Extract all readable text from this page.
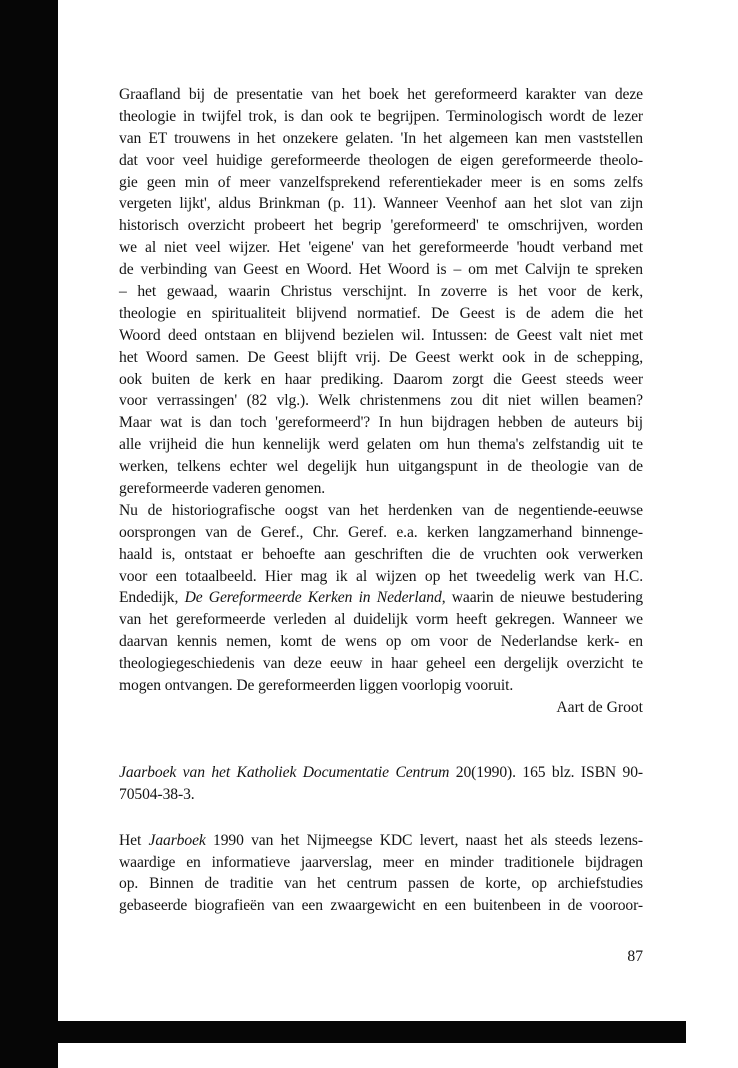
Graafland bij de presentatie van het boek het gereformeerd karakter van deze
theologie in twijfel trok, is dan ook te begrijpen. Terminologisch wordt de lezer
van ET trouwens in het onzekere gelaten. 'In het algemeen kan men vaststellen
dat voor veel huidige gereformeerde theologen de eigen gereformeerde theolo-
gie geen min of meer vanzelfsprekend referentiekader meer is en soms zelfs
vergeten lijkt', aldus Brinkman (p. 11). Wanneer Veenhof aan het slot van zijn
historisch overzicht probeert het begrip 'gereformeerd' te omschrijven, worden
we al niet veel wijzer. Het 'eigene' van het gereformeerde 'houdt verband met
de verbinding van Geest en Woord. Het Woord is – om met Calvijn te spreken
– het gewaad, waarin Christus verschijnt. In zoverre is het voor de kerk,
theologie en spiritualiteit blijvend normatief. De Geest is de adem die het
Woord deed ontstaan en blijvend bezielen wil. Intussen: de Geest valt niet met
het Woord samen. De Geest blijft vrij. De Geest werkt ook in de schepping,
ook buiten de kerk en haar prediking. Daarom zorgt die Geest steeds weer
voor verrassingen' (82 vlg.). Welk christenmens zou dit niet willen beamen?
Maar wat is dan toch 'gereformeerd'? In hun bijdragen hebben de auteurs bij
alle vrijheid die hun kennelijk werd gelaten om hun thema's zelfstandig uit te
werken, telkens echter wel degelijk hun uitgangspunt in de theologie van de
gereformeerde vaderen genomen.
Nu de historiografische oogst van het herdenken van de negentiende-eeuwse
oorsprongen van de Geref., Chr. Geref. e.a. kerken langzamerhand binnenge-
haald is, ontstaat er behoefte aan geschriften die de vruchten ook verwerken
voor een totaalbeeld. Hier mag ik al wijzen op het tweedelig werk van H.C.
Endedijk, De Gereformeerde Kerken in Nederland, waarin de nieuwe bestudering
van het gereformeerde verleden al duidelijk vorm heeft gekregen. Wanneer we
daarvan kennis nemen, komt de wens op om voor de Nederlandse kerk- en
theologiegeschiedenis van deze eeuw in haar geheel een dergelijk overzicht te
mogen ontvangen. De gereformeerden liggen voorlopig vooruit.
Aart de Groot
Jaarboek van het Katholiek Documentatie Centrum 20(1990). 165 blz. ISBN 90-
70504-38-3.
Het Jaarboek 1990 van het Nijmeegse KDC levert, naast het als steeds lezens-
waardige en informatieve jaarverslag, meer en minder traditionele bijdragen
op. Binnen de traditie van het centrum passen de korte, op archiefstudies
gebaseerde biografieën van een zwaargewicht en een buitenbeen in de vooroor-
87
